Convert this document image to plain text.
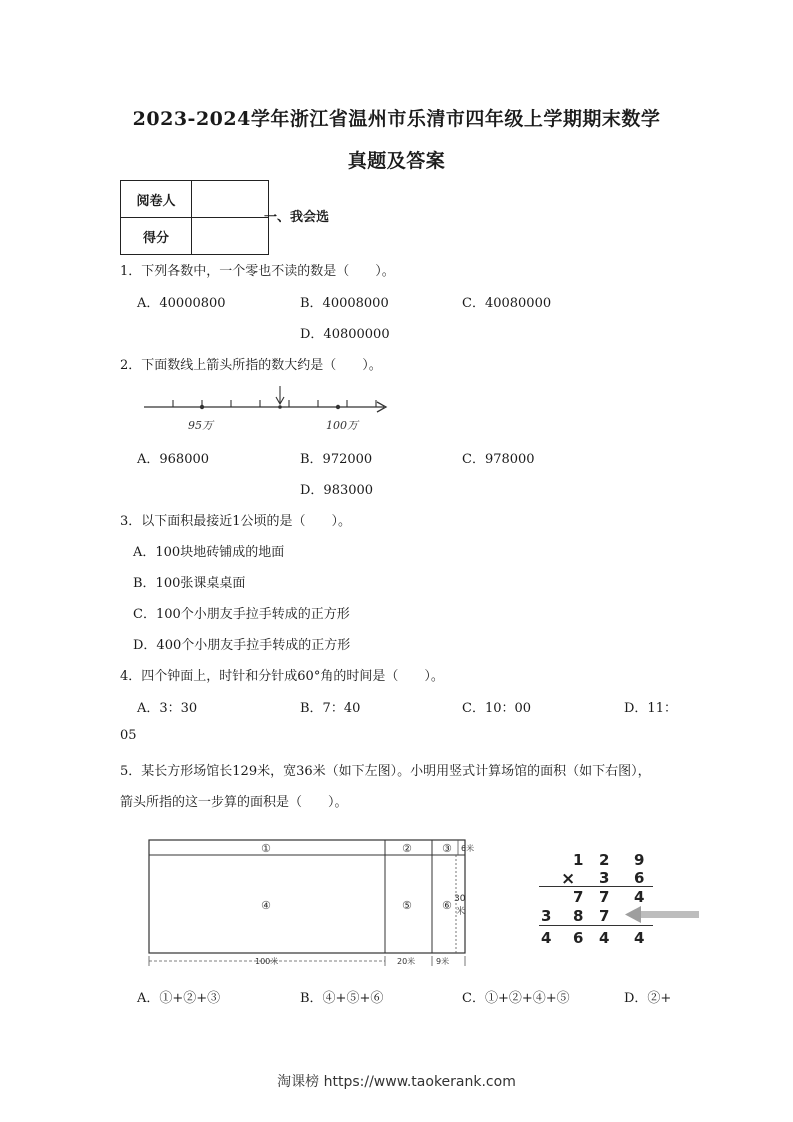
2023-2024学年浙江省温州市乐清市四年级上学期期末数学
真题及答案
阅卷人	
得分	
一、我会选
1．下列各数中，一个零也不读的数是（　　）。
A．40000800	B．40008000	C．40080000
D．40800000
2．下面数线上箭头所指的数大约是（　　）。
95万	100万
A．968000	B．972000	C．978000
D．983000
3．以下面积最接近1公顷的是（　　）。
A．100块地砖铺成的地面
B．100张课桌桌面
C．100个小朋友手拉手转成的正方形
D．400个小朋友手拉手转成的正方形
4．四个钟面上，时针和分针成60°角的时间是（　　）。
A．3：30	B．7：40	C．10：00	D．11：
05
5．某长方形场馆长129米，宽36米（如下左图）。小明用竖式计算场馆的面积（如下右图），
箭头所指的这一步算的面积是（　　）。
①	②	③
④	⑤	⑥
6米
30
米
100米	20米	9米
1 2 9
× 3 6
7 7 4
3 8 7
4 6 4 4
A．①+②+③	B．④+⑤+⑥	C．①+②+④+⑤	D．②+
淘课榜 https://www.taokerank.com
